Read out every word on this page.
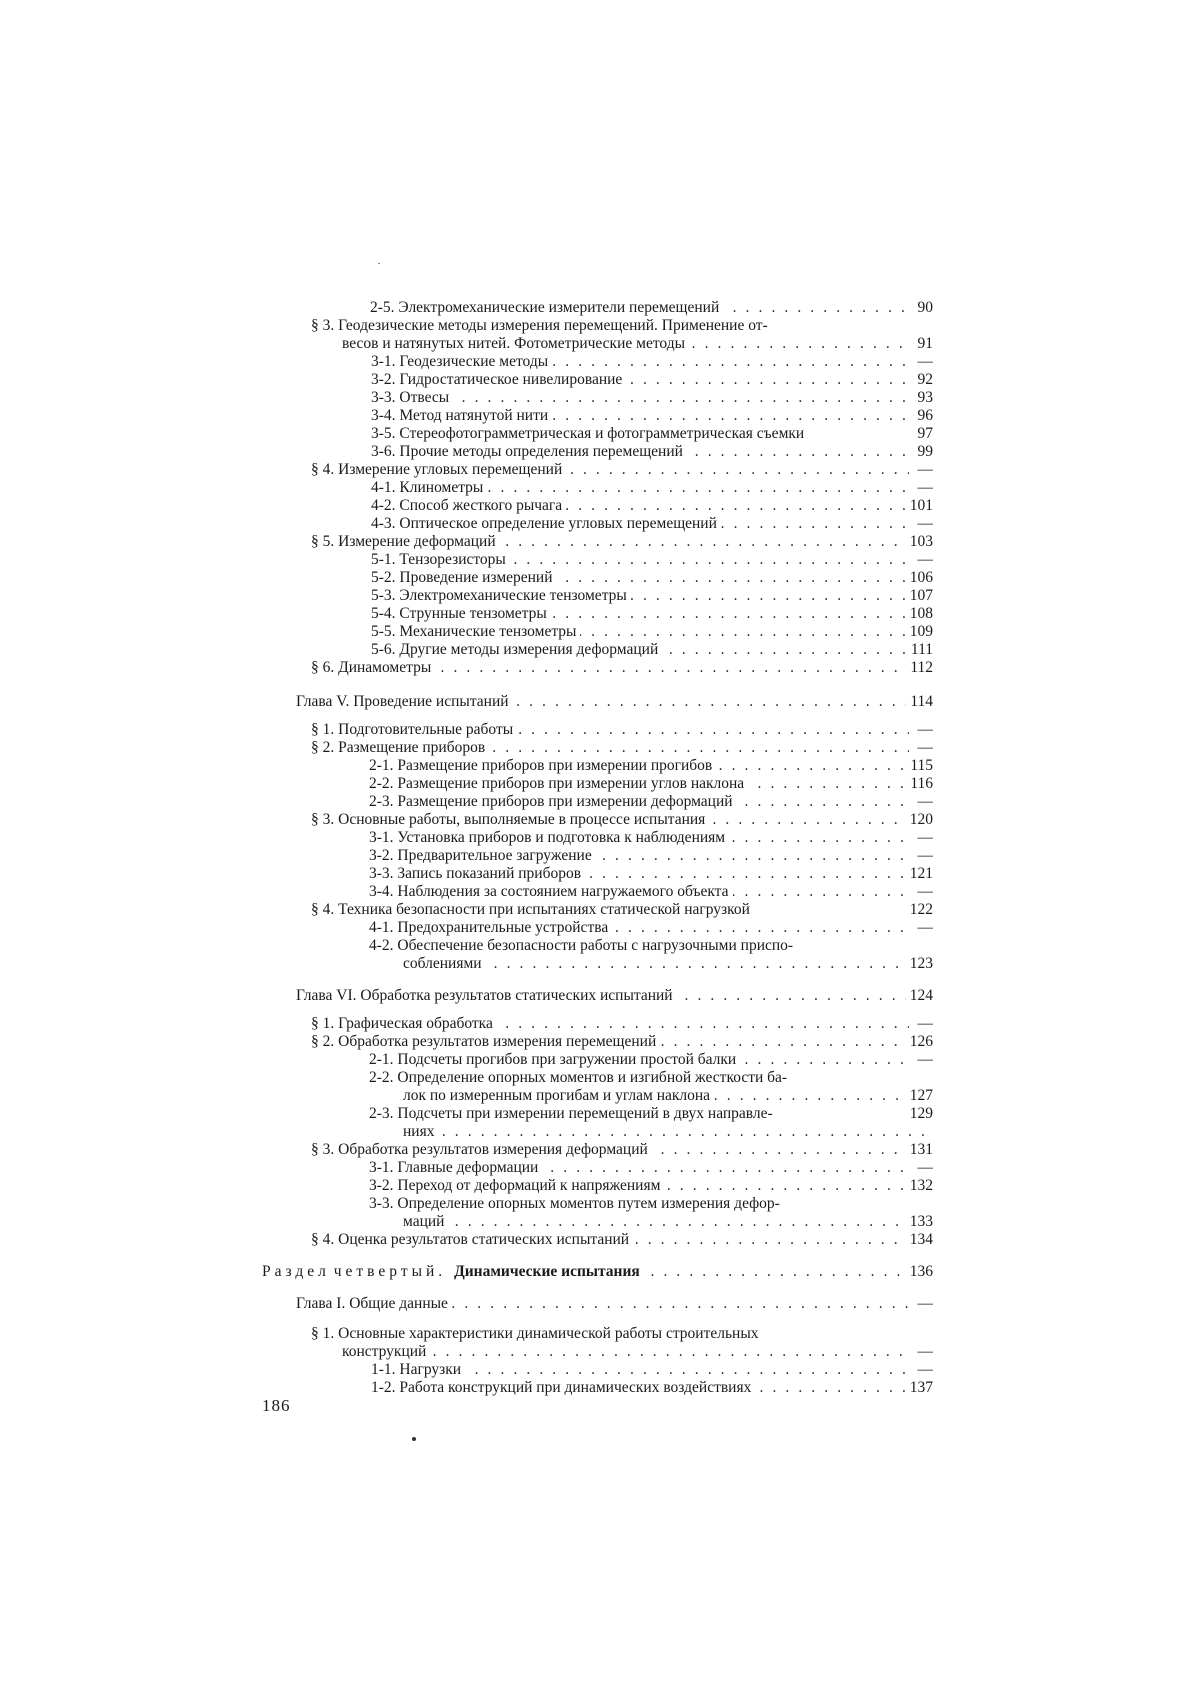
2-5. Электромеханические измерители перемещений	90
. . .
§ 3. Геодезические методы измерения перемещений. Применение от-
весов и натянутых нитей. Фотометрические методы	91
. . .
3-1. Геодезические методы	—
. . .
3-2. Гидростатическое нивелирование	92
. . .
3-3. Отвесы	93
. . .
3-4. Метод натянутой нити	96
. . .
3-5. Стереофотограмметрическая и фотограмметрическая съемки	97
3-6. Прочие методы определения перемещений	99
. . .
§ 4. Измерение угловых перемещений	—
. . .
4-1. Клинометры	—
. . .
4-2. Способ жесткого рычага	101
. . .
4-3. Оптическое определение угловых перемещений	—
. . .
§ 5. Измерение деформаций	103
. . .
5-1. Тензорезисторы	—
. . .
5-2. Проведение измерений	106
. . .
5-3. Электромеханические тензометры	107
. . .
5-4. Струнные тензометры	108
. . .
5-5. Механические тензометры	109
. . .
5-6. Другие методы измерения деформаций	111
. . .
§ 6. Динамометры	112
. . .
Глава V. Проведение испытаний	114
. . .
§ 1. Подготовительные работы	—
. . .
§ 2. Размещение приборов	—
. . .
2-1. Размещение приборов при измерении прогибов	115
. . .
2-2. Размещение приборов при измерении углов наклона	116
. . .
2-3. Размещение приборов при измерении деформаций	—
. . .
§ 3. Основные работы, выполняемые в процессе испытания	120
. . .
3-1. Установка приборов и подготовка к наблюдениям	—
. . .
3-2. Предварительное загружение	—
. . .
3-3. Запись показаний приборов	121
. . .
3-4. Наблюдения за состоянием нагружаемого объекта	—
. . .
§ 4. Техника безопасности при испытаниях статической нагрузкой	122
4-1. Предохранительные устройства	—
. . .
4-2. Обеспечение безопасности работы с нагрузочными приспо-
соблениями	123
. . .
Глава VI. Обработка результатов статических испытаний	124
. . .
§ 1. Графическая обработка	—
. . .
§ 2. Обработка результатов измерения перемещений	126
. . .
2-1. Подсчеты прогибов при загружении простой балки	—
. . .
2-2. Определение опорных моментов и изгибной жесткости ба-
лок по измеренным прогибам и углам наклона	127
. . .
2-3. Подсчеты при измерении перемещений в двух направле-	129
ниях
. . .
§ 3. Обработка результатов измерения деформаций	131
. . .
3-1. Главные деформации	—
. . .
3-2. Переход от деформаций к напряжениям	132
. . .
3-3. Определение опорных моментов путем измерения дефор-
маций	133
. . .
§ 4. Оценка результатов статических испытаний	134
. . .
Раздел четвертый. Динамические испытания	136
. . .
Глава I. Общие данные	—
. . .
§ 1. Основные характеристики динамической работы строительных
конструкций	—
. . .
1-1. Нагрузки	—
. . .
1-2. Работа конструкций при динамических воздействиях	137
. . .
186
